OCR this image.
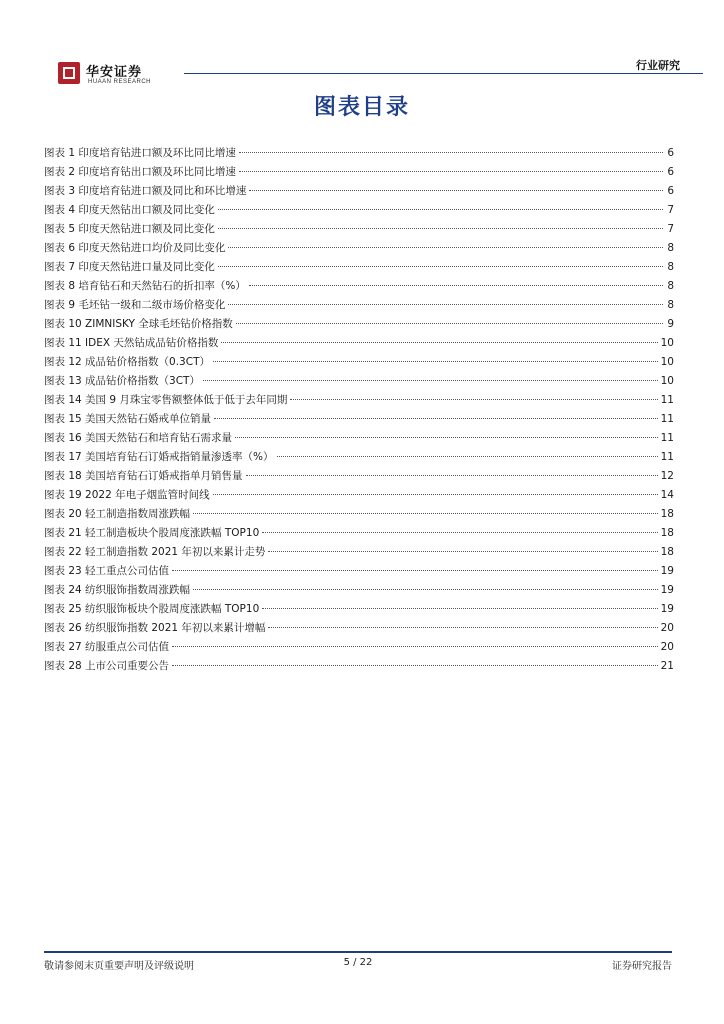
华安证券
HUAAN RESEARCH
行业研究
图表目录
图表 1 印度培育钻进口额及环比同比增速	6
图表 2 印度培育钻出口额及环比同比增速	6
图表 3 印度培育钻进口额及同比和环比增速	6
图表 4 印度天然钻出口额及同比变化	7
图表 5 印度天然钻进口额及同比变化	7
图表 6 印度天然钻进口均价及同比变化	8
图表 7 印度天然钻进口量及同比变化	8
图表 8 培育钻石和天然钻石的折扣率（%）	8
图表 9 毛坯钻一级和二级市场价格变化	8
图表 10 ZIMNISKY 全球毛坯钻价格指数	9
图表 11 IDEX 天然钻成品钻价格指数	10
图表 12 成品钻价格指数（0.3CT）	10
图表 13 成品钻价格指数（3CT）	10
图表 14 美国 9 月珠宝零售额整体低于低于去年同期	11
图表 15 美国天然钻石婚戒单位销量	11
图表 16 美国天然钻石和培育钻石需求量	11
图表 17 美国培育钻石订婚戒指销量渗透率（%）	11
图表 18 美国培育钻石订婚戒指单月销售量	12
图表 19 2022 年电子烟监管时间线	14
图表 20 轻工制造指数周涨跌幅	18
图表 21 轻工制造板块个股周度涨跌幅 TOP10	18
图表 22 轻工制造指数 2021 年初以来累计走势	18
图表 23 轻工重点公司估值	19
图表 24 纺织服饰指数周涨跌幅	19
图表 25 纺织服饰板块个股周度涨跌幅 TOP10	19
图表 26 纺织服饰指数 2021 年初以来累计增幅	20
图表 27 纺服重点公司估值	20
图表 28 上市公司重要公告	21
敬请参阅末页重要声明及评级说明	5 / 22	证券研究报告
